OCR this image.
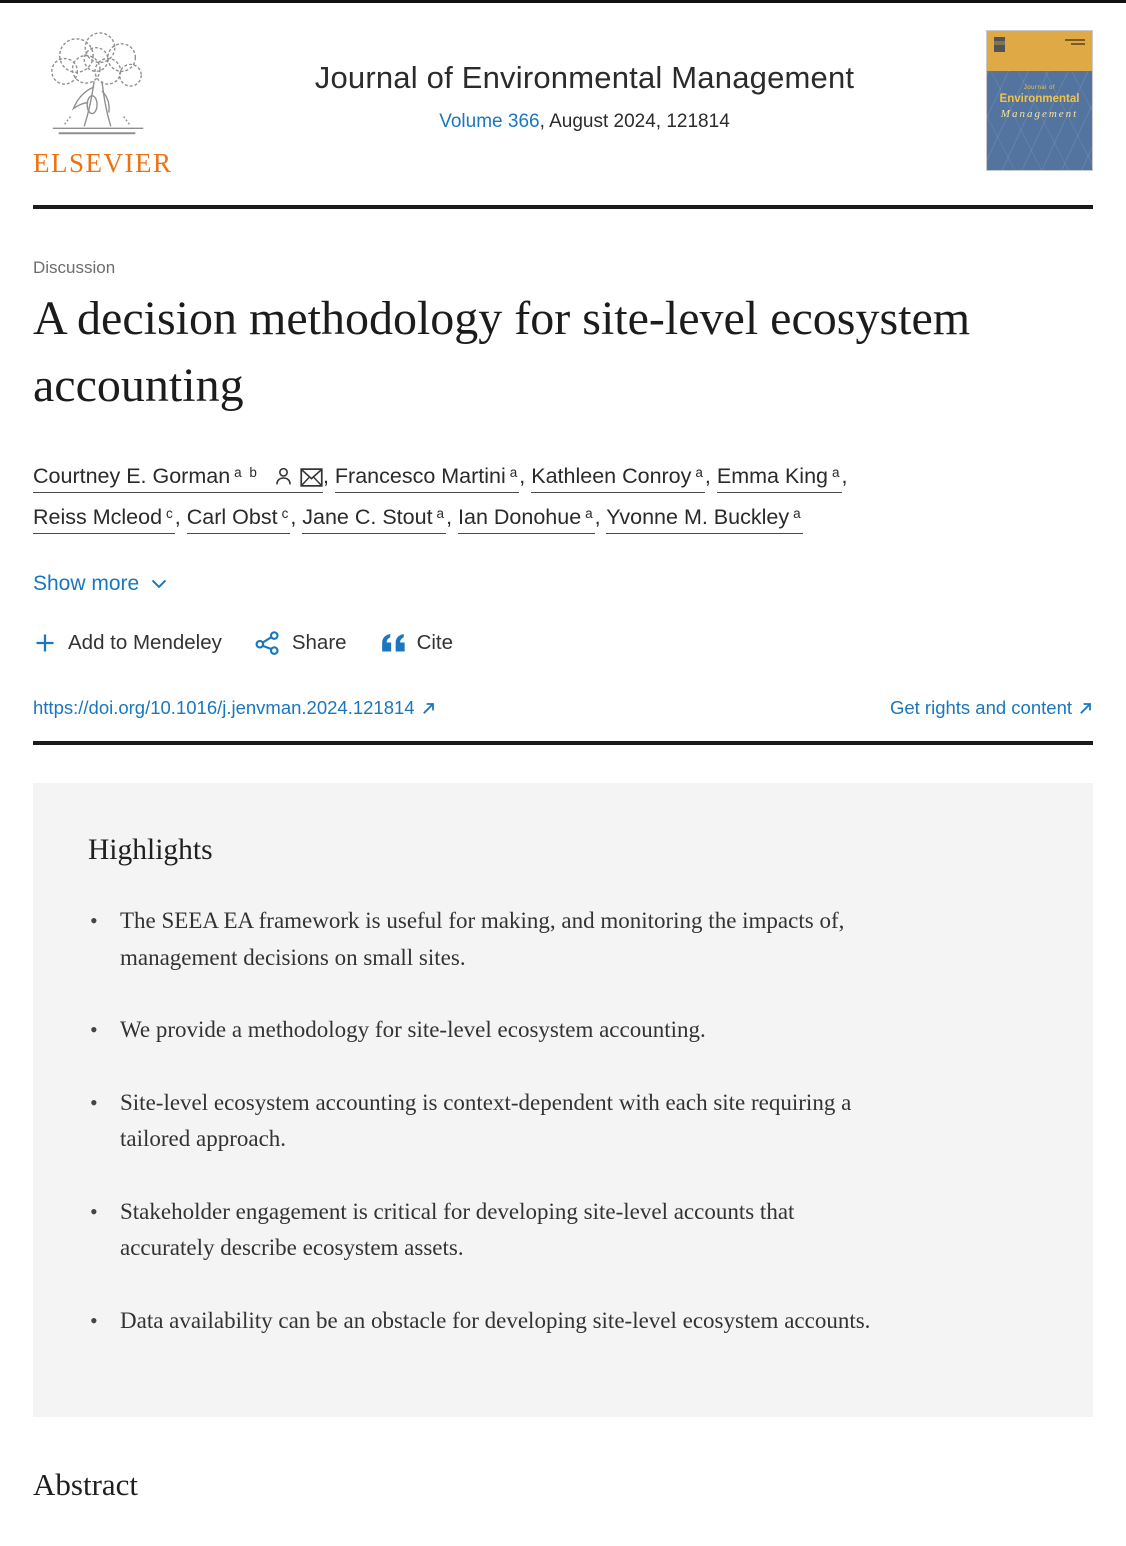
ELSEVIER
Journal of Environmental Management
Volume 366, August 2024, 121814
Journal of
Environmental
Management
Discussion
A decision methodology for site-level ecosystem accounting
Courtney E. Gorman $^{a b}$	, Francesco Martini $^a$, Kathleen Conroy $^a$, Emma King $^a$, Reiss Mcleod $^c$, Carl Obst $^c$, Jane C. Stout $^a$, Ian Donohue $^a$, Yvonne M. Buckley $^a$
Show more
Add to Mendeley	Share	Cite
https://doi.org/10.1016/j.jenvman.2024.121814	Get rights and content
Highlights
• The SEEA EA framework is useful for making, and monitoring the impacts of, management decisions on small sites.
• We provide a methodology for site-level ecosystem accounting.
• Site-level ecosystem accounting is context-dependent with each site requiring a tailored approach.
• Stakeholder engagement is critical for developing site-level accounts that accurately describe ecosystem assets.
• Data availability can be an obstacle for developing site-level ecosystem accounts.
Abstract
